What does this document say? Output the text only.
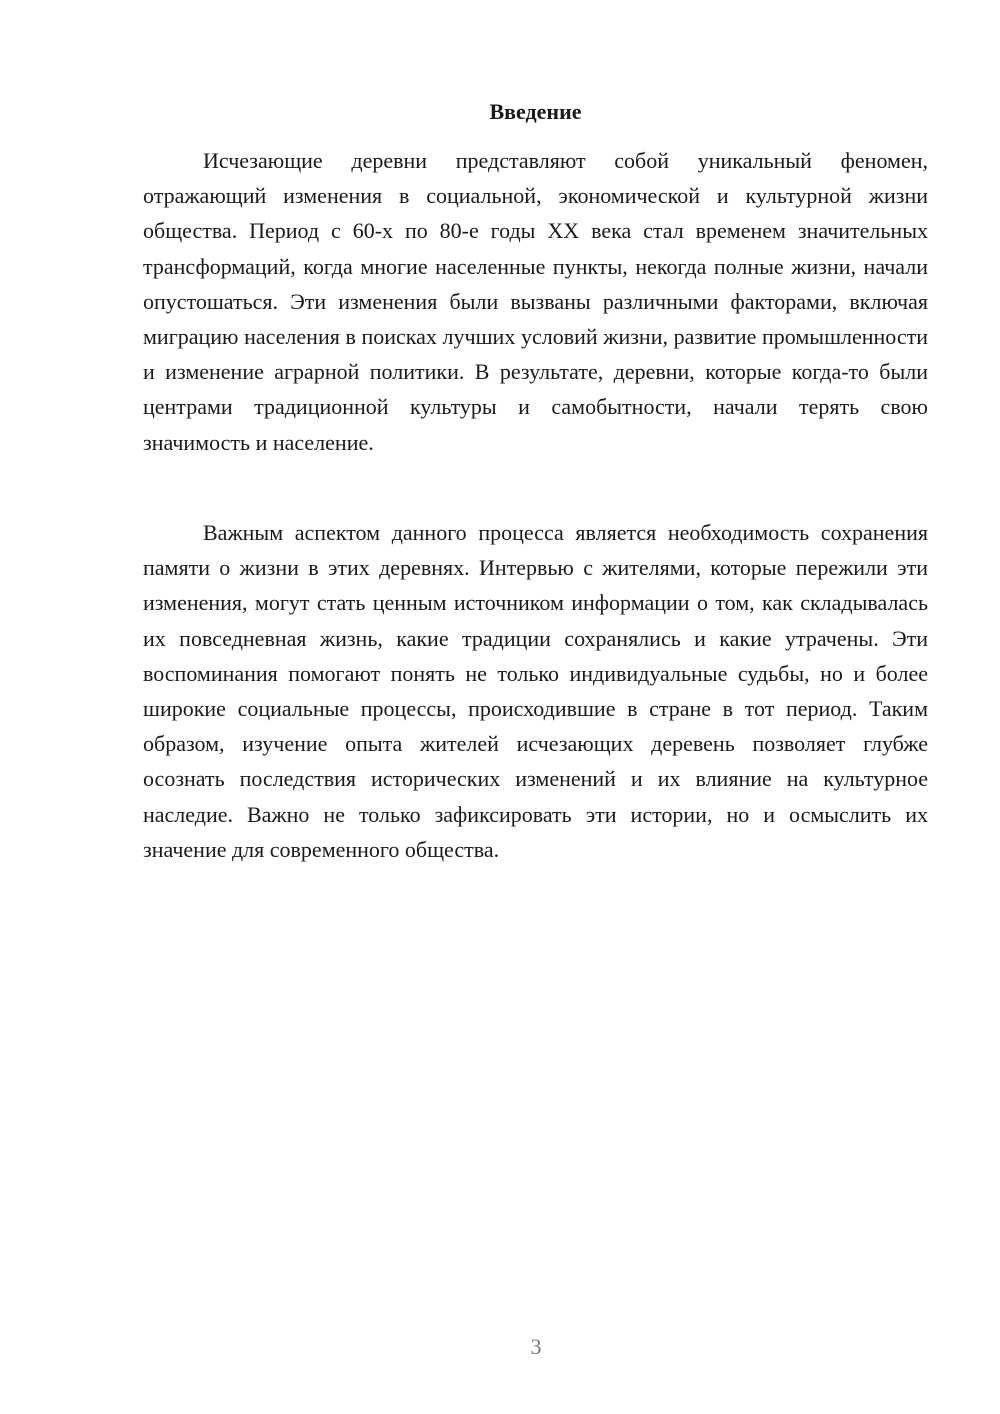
Введение

Исчезающие деревни представляют собой уникальный феномен, отражающий изменения в социальной, экономической и культурной жизни общества. Период с 60-х по 80-е годы XX века стал временем значительных трансформаций, когда многие населенные пункты, некогда полные жизни, начали опустошаться. Эти изменения были вызваны различными факторами, включая миграцию населения в поисках лучших условий жизни, развитие промышленности и изменение аграрной политики. В результате, деревни, которые когда-то были центрами традиционной культуры и самобытности, начали терять свою значимость и население.

Важным аспектом данного процесса является необходимость сохранения памяти о жизни в этих деревнях. Интервью с жителями, которые пережили эти изменения, могут стать ценным источником информации о том, как складывалась их повседневная жизнь, какие традиции сохранялись и какие утрачены. Эти воспоминания помогают понять не только индивидуальные судьбы, но и более широкие социальные процессы, происходившие в стране в тот период. Таким образом, изучение опыта жителей исчезающих деревень позволяет глубже осознать последствия исторических изменений и их влияние на культурное наследие. Важно не только зафиксировать эти истории, но и осмыслить их значение для современного общества.

3
